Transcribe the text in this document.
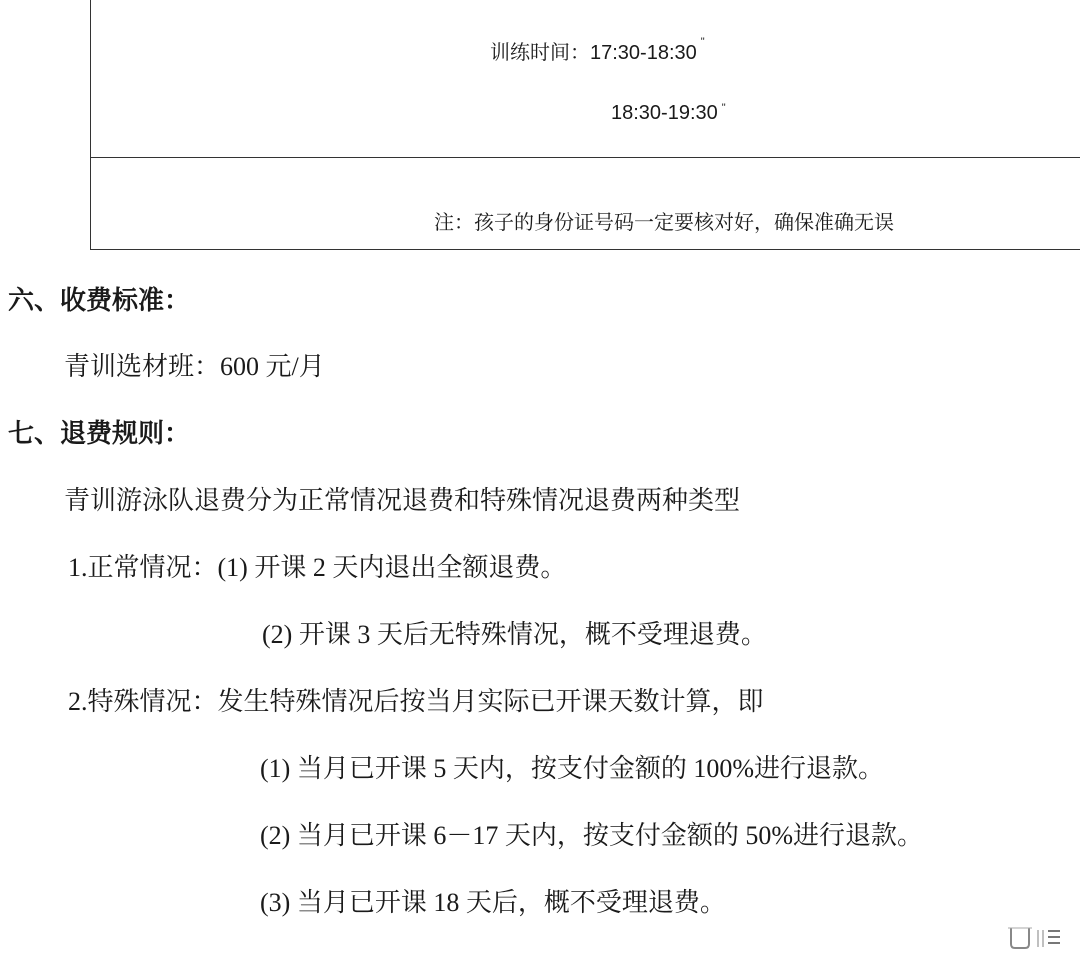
训练时间：17:30-18:30 "
18:30-19:30 "
注：孩子的身份证号码一定要核对好，确保准确无误
六、收费标准：
青训选材班：600 元/月
七、退费规则：
青训游泳队退费分为正常情况退费和特殊情况退费两种类型
1.正常情况：(1) 开课 2 天内退出全额退费。
(2) 开课 3 天后无特殊情况，概不受理退费。
2.特殊情况：发生特殊情况后按当月实际已开课天数计算，即
(1) 当月已开课 5 天内，按支付金额的 100%进行退款。
(2) 当月已开课 6－17 天内，按支付金额的 50%进行退款。
(3) 当月已开课 18 天后，概不受理退费。
